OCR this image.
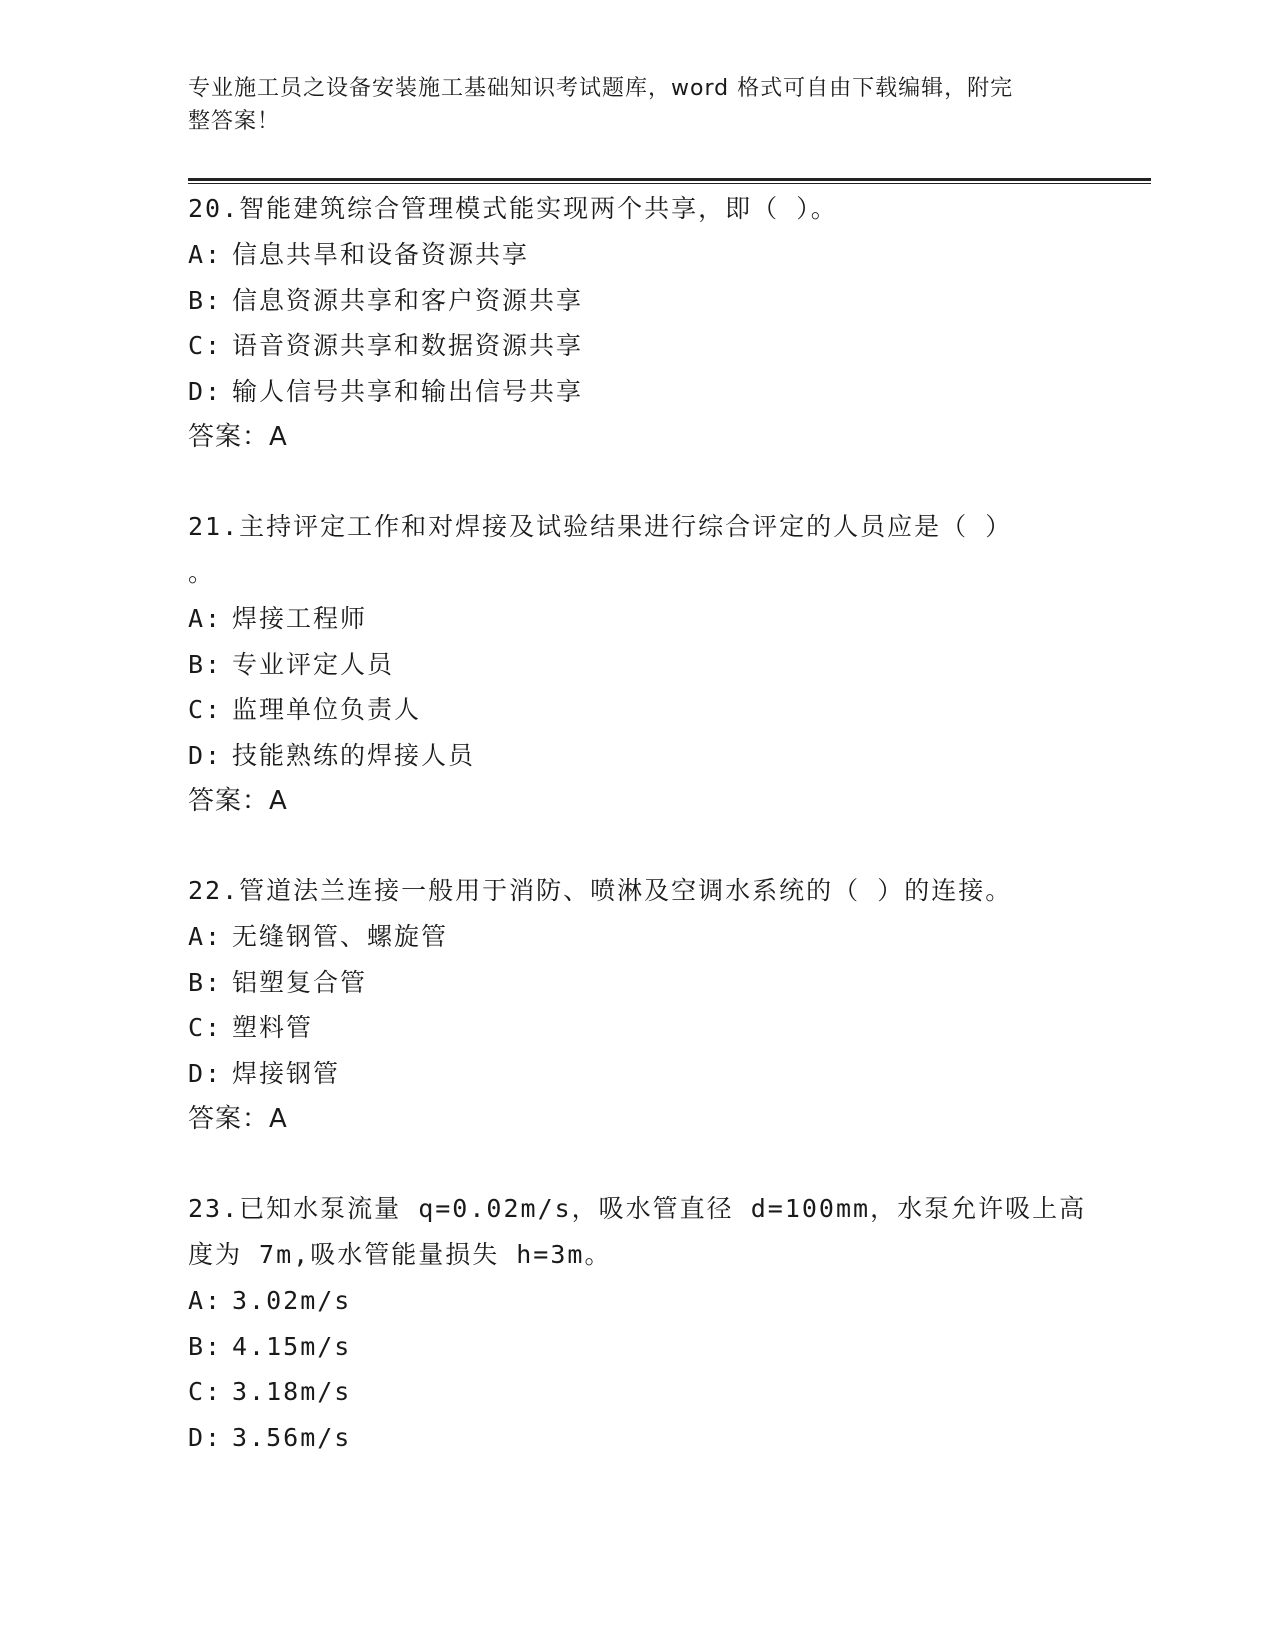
专业施工员之设备安装施工基础知识考试题库，word 格式可自由下载编辑，附完
整答案！
20.智能建筑综合管理模式能实现两个共享，即（ ）。
A: 信息共旱和设备资源共享
B: 信息资源共享和客户资源共享
C: 语音资源共享和数据资源共享
D: 输人信号共享和输出信号共享
答案：A
21.主持评定工作和对焊接及试验结果进行综合评定的人员应是（ ）
。
A: 焊接工程师
B: 专业评定人员
C: 监理单位负责人
D: 技能熟练的焊接人员
答案：A
22.管道法兰连接一般用于消防、喷淋及空调水系统的（ ）的连接。
A: 无缝钢管、螺旋管
B: 铝塑复合管
C: 塑料管
D: 焊接钢管
答案：A
23.已知水泵流量 q=0.02m/s，吸水管直径 d=100mm，水泵允许吸上高
度为 7m,吸水管能量损失 h=3m。
A: 3.02m/s
B: 4.15m/s
C: 3.18m/s
D: 3.56m/s
